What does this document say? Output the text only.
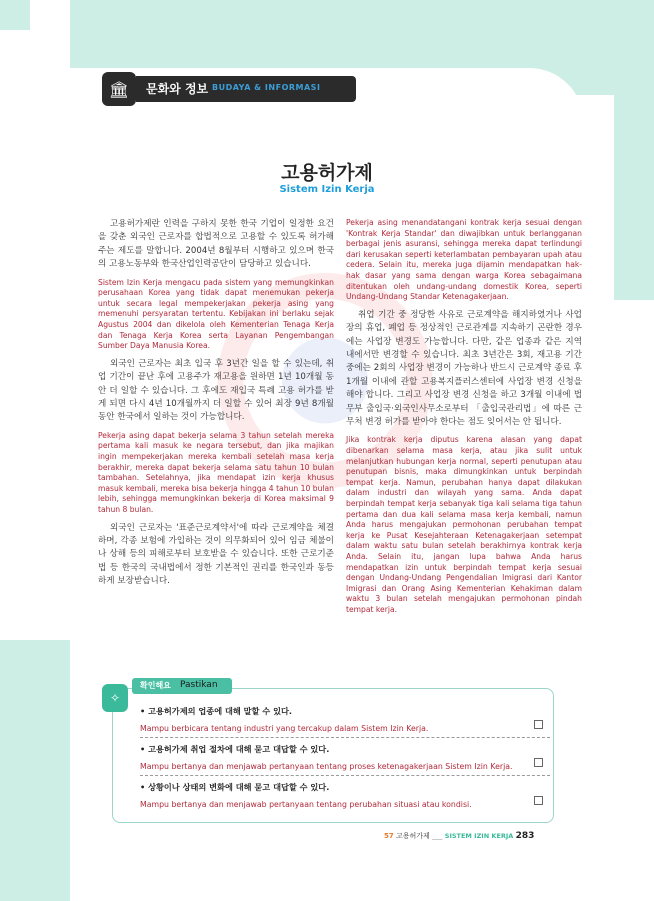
🏛	문화와 정보 BUDAYA & INFORMASI
고용허가제
Sistem Izin Kerja

고용허가제란 인력을 구하지 못한 한국 기업이 일정한 요건을 갖춘 외국인 근로자를 합법적으로 고용할 수 있도록 허가해 주는 제도를 말합니다. 2004년 8월부터 시행하고 있으며 한국의 고용노동부와 한국산업인력공단이 담당하고 있습니다.

Sistem Izin Kerja mengacu pada sistem yang memungkinkan perusahaan Korea yang tidak dapat menemukan pekerja untuk secara legal mempekerjakan pekerja asing yang memenuhi persyaratan tertentu. Kebijakan ini berlaku sejak Agustus 2004 dan dikelola oleh Kementerian Tenaga Kerja dan Tenaga Kerja Korea serta Layanan Pengembangan Sumber Daya Manusia Korea.

외국인 근로자는 최초 입국 후 3년간 일을 할 수 있는데, 취업 기간이 끝난 후에 고용주가 재고용을 원하면 1년 10개월 동안 더 일할 수 있습니다. 그 후에도 재입국 특례 고용 허가를 받게 되면 다시 4년 10개월까지 더 일할 수 있어 최장 9년 8개월 동안 한국에서 일하는 것이 가능합니다.

Pekerja asing dapat bekerja selama 3 tahun setelah mereka pertama kali masuk ke negara tersebut, dan jika majikan ingin mempekerjakan mereka kembali setelah masa kerja berakhir, mereka dapat bekerja selama satu tahun 10 bulan tambahan. Setelahnya, jika mendapat izin kerja khusus masuk kembali, mereka bisa bekerja hingga 4 tahun 10 bulan lebih, sehingga memungkinkan bekerja di Korea maksimal 9 tahun 8 bulan.

외국인 근로자는 '표준근로계약서'에 따라 근로계약을 체결하며, 각종 보험에 가입하는 것이 의무화되어 있어 임금 체불이나 상해 등의 피해로부터 보호받을 수 있습니다. 또한 근로기준법 등 한국의 국내법에서 정한 기본적인 권리를 한국인과 동등하게 보장받습니다.

Pekerja asing menandatangani kontrak kerja sesuai dengan 'Kontrak Kerja Standar' dan diwajibkan untuk berlangganan berbagai jenis asuransi, sehingga mereka dapat terlindungi dari kerusakan seperti keterlambatan pembayaran upah atau cedera. Selain itu, mereka juga dijamin mendapatkan hak-hak dasar yang sama dengan warga Korea sebagaimana ditentukan oleh undang-undang domestik Korea, seperti Undang-Undang Standar Ketenagakerjaan.

취업 기간 중 정당한 사유로 근로계약을 해지하였거나 사업장의 휴업, 폐업 등 정상적인 근로관계를 지속하기 곤란한 경우에는 사업장 변경도 가능합니다. 다만, 같은 업종과 같은 지역 내에서만 변경할 수 있습니다. 최초 3년간은 3회, 재고용 기간 중에는 2회의 사업장 변경이 가능하나 반드시 근로계약 종료 후 1개월 이내에 관할 고용복지플러스센터에 사업장 변경 신청을 해야 합니다. 그리고 사업장 변경 신청을 하고 3개월 이내에 법무부 출입국·외국인사무소로부터 「출입국관리법」에 따른 근무처 변경 허가를 받아야 한다는 점도 잊어서는 안 됩니다.

Jika kontrak kerja diputus karena alasan yang dapat dibenarkan selama masa kerja, atau jika sulit untuk melanjutkan hubungan kerja normal, seperti penutupan atau penutupan bisnis, maka dimungkinkan untuk berpindah tempat kerja. Namun, perubahan hanya dapat dilakukan dalam industri dan wilayah yang sama. Anda dapat berpindah tempat kerja sebanyak tiga kali selama tiga tahun pertama dan dua kali selama masa kerja kembali, namun Anda harus mengajukan permohonan perubahan tempat kerja ke Pusat Kesejahteraan Ketenagakerjaan setempat dalam waktu satu bulan setelah berakhirnya kontrak kerja Anda. Selain itu, jangan lupa bahwa Anda harus mendapatkan izin untuk berpindah tempat kerja sesuai dengan Undang-Undang Pengendalian Imigrasi dari Kantor Imigrasi dan Orang Asing Kementerian Kehakiman dalam waktu 3 bulan setelah mengajukan permohonan pindah tempat kerja.

✧
확인해요 Pastikan
• 고용허가제의 업종에 대해 말할 수 있다.
Mampu berbicara tentang industri yang tercakup dalam Sistem Izin Kerja.
• 고용허가제 취업 절차에 대해 묻고 대답할 수 있다.
Mampu bertanya dan menjawab pertanyaan tentang proses ketenagakerjaan Sistem Izin Kerja.
• 상황이나 상태의 변화에 대해 묻고 대답할 수 있다.
Mampu bertanya dan menjawab pertanyaan tentang perubahan situasi atau kondisi.
57 고용허가제 ___ SISTEM IZIN KERJA 283
